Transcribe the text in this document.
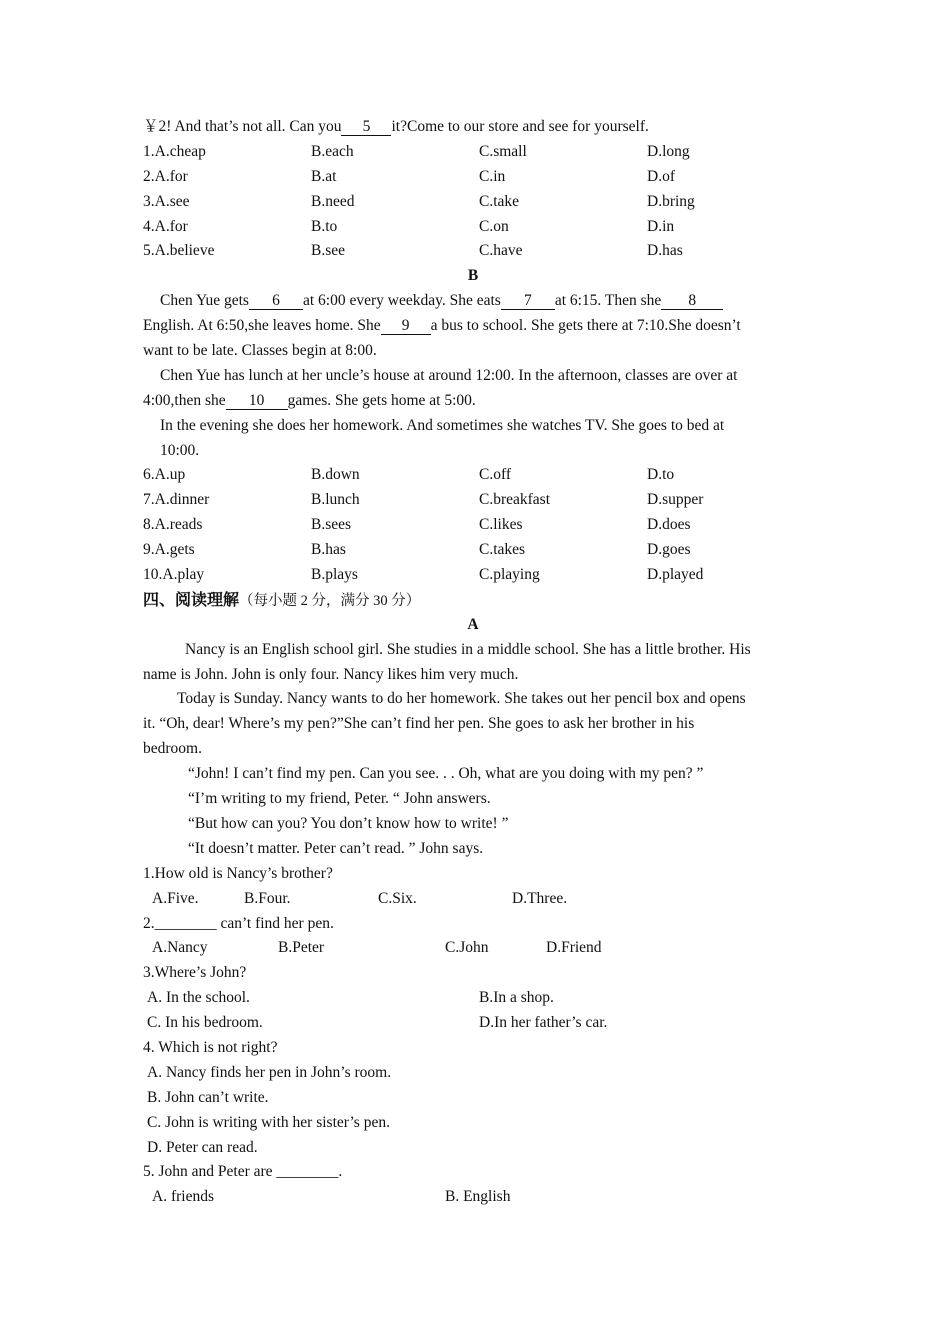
￥2! And that’s not all. Can you 5 it?Come to our store and see for yourself.
1.A.cheap	B.each	C.small	D.long
2.A.for	B.at	C.in	D.of
3.A.see	B.need	C.take	D.bring
4.A.for	B.to	C.on	D.in
5.A.believe	B.see	C.have	D.has
B
Chen Yue gets 6 at 6:00 every weekday. She eats 7 at 6:15. Then she 8
English. At 6:50,she leaves home. She 9 a bus to school. She gets there at 7:10.She doesn’t
want to be late. Classes begin at 8:00.
Chen Yue has lunch at her uncle’s house at around 12:00. In the afternoon, classes are over at
4:00,then she 10 games. She gets home at 5:00.
In the evening she does her homework. And sometimes she watches TV. She goes to bed at
10:00.
6.A.up	B.down	C.off	D.to
7.A.dinner	B.lunch	C.breakfast	D.supper
8.A.reads	B.sees	C.likes	D.does
9.A.gets	B.has	C.takes	D.goes
10.A.play	B.plays	C.playing	D.played
四、阅读理解（每小题 2 分，满分 30 分）
A
Nancy is an English school girl. She studies in a middle school. She has a little brother. His
name is John. John is only four. Nancy likes him very much.
Today is Sunday. Nancy wants to do her homework. She takes out her pencil box and opens
it. “Oh, dear! Where’s my pen?”She can’t find her pen. She goes to ask her brother in his
bedroom.
“John! I can’t find my pen. Can you see. . . Oh, what are you doing with my pen? ”
“I’m writing to my friend, Peter. “ John answers.
“But how can you? You don’t know how to write! ”
“It doesn’t matter. Peter can’t read. ” John says.
1.How old is Nancy’s brother?
A.Five.	B.Four.	C.Six.	D.Three.
2.________ can’t find her pen.
A.Nancy	B.Peter	C.John	D.Friend
3.Where’s John?
A. In the school.	B.In a shop.
C. In his bedroom.	D.In her father’s car.
4. Which is not right?
A. Nancy finds her pen in John’s room.
B. John can’t write.
C. John is writing with her sister’s pen.
D. Peter can read.
5. John and Peter are ________.
A. friends	B. English
